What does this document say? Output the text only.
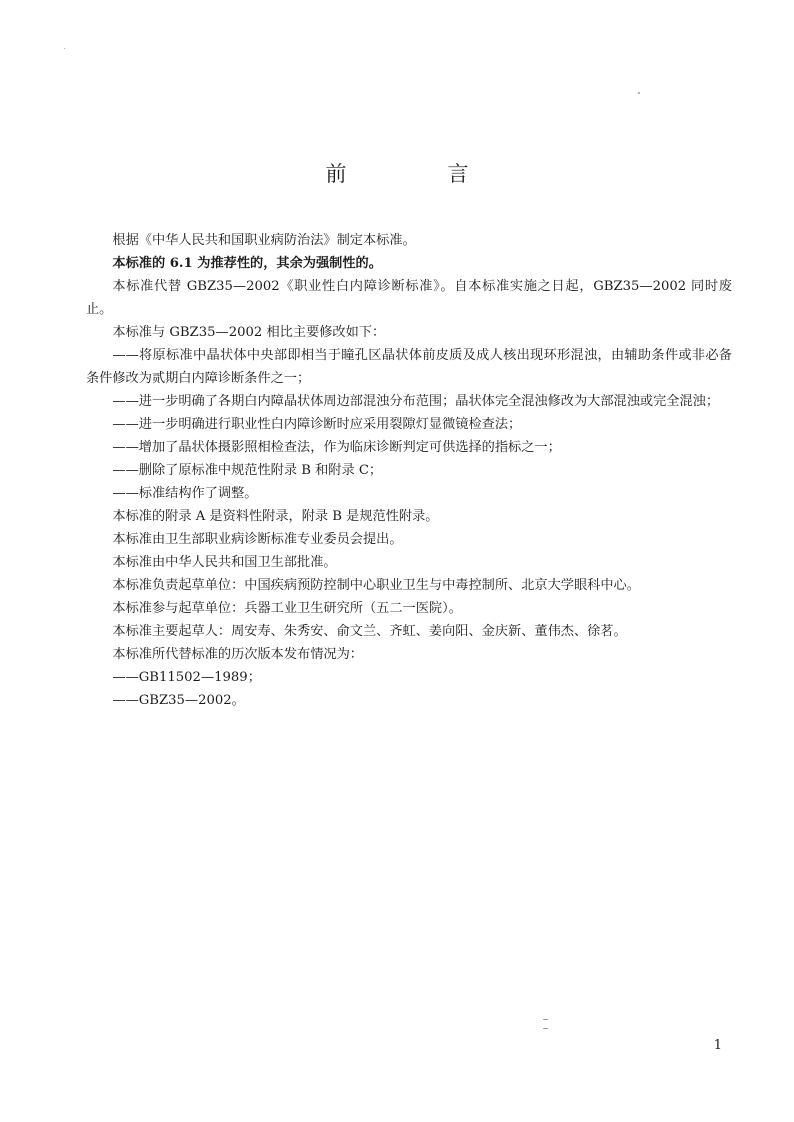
前　言

根据《中华人民共和国职业病防治法》制定本标准。

本标准的 6.1 为推荐性的，其余为强制性的。

本标准代替 GBZ35—2002《职业性白内障诊断标准》。自本标准实施之日起，GBZ35—2002 同时废止。

本标准与 GBZ35—2002 相比主要修改如下：

——将原标准中晶状体中央部即相当于瞳孔区晶状体前皮质及成人核出现环形混浊，由辅助条件或非必备条件修改为贰期白内障诊断条件之一；

——进一步明确了各期白内障晶状体周边部混浊分布范围；晶状体完全混浊修改为大部混浊或完全混浊；

——进一步明确进行职业性白内障诊断时应采用裂隙灯显微镜检查法；

——增加了晶状体摄影照相检查法，作为临床诊断判定可供选择的指标之一；

——删除了原标准中规范性附录 B 和附录 C；

——标准结构作了调整。

本标准的附录 A 是资料性附录，附录 B 是规范性附录。

本标准由卫生部职业病诊断标准专业委员会提出。

本标准由中华人民共和国卫生部批准。

本标准负责起草单位：中国疾病预防控制中心职业卫生与中毒控制所、北京大学眼科中心。

本标准参与起草单位：兵器工业卫生研究所（五二一医院）。

本标准主要起草人：周安寿、朱秀安、俞文兰、齐虹、姜向阳、金庆新、董伟杰、徐茗。

本标准所代替标准的历次版本发布情况为：

——GB11502—1989；

——GBZ35—2002。

1
